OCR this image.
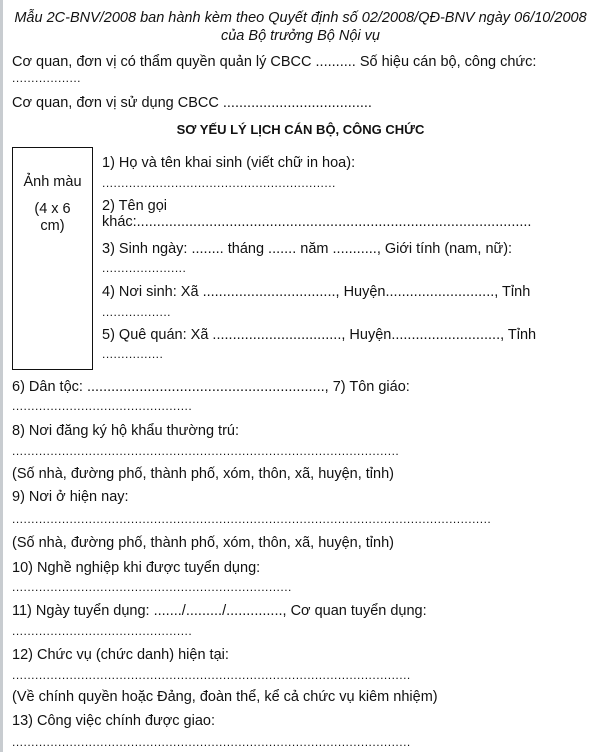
Mẫu 2C-BNV/2008 ban hành kèm theo Quyết định số 02/2008/QĐ-BNV ngày 06/10/2008
của Bộ trưởng Bộ Nội vụ
Cơ quan, đơn vị có thẩm quyền quản lý CBCC .......... Số hiệu cán bộ, công chức:
..................
Cơ quan, đơn vị sử dụng CBCC .....................................
SƠ YẾU LÝ LỊCH CÁN BỘ, CÔNG CHỨC
Ảnh màu
(4 x 6
cm)
1) Họ và tên khai sinh (viết chữ in hoa):
.............................................................
2) Tên gọi
khác:..................................................................................................
3) Sinh ngày: ........ tháng ....... năm ..........., Giới tính (nam, nữ):
......................
4) Nơi sinh: Xã ................................., Huyện..........................., Tỉnh
..................
5) Quê quán: Xã ................................, Huyện..........................., Tỉnh
................
6) Dân tộc: ..........................................................., 7) Tôn giáo:
...............................................
8) Nơi đăng ký hộ khẩu thường trú:
.....................................................................................................
(Số nhà, đường phố, thành phố, xóm, thôn, xã, huyện, tỉnh)
9) Nơi ở hiện nay:
.............................................................................................................................
(Số nhà, đường phố, thành phố, xóm, thôn, xã, huyện, tỉnh)
10) Nghề nghiệp khi được tuyển dụng:
.........................................................................
11) Ngày tuyển dụng: ......./........./.............., Cơ quan tuyển dụng:
...............................................
12) Chức vụ (chức danh) hiện tại:
........................................................................................................
(Về chính quyền hoặc Đảng, đoàn thể, kể cả chức vụ kiêm nhiệm)
13) Công việc chính được giao:
........................................................................................................
